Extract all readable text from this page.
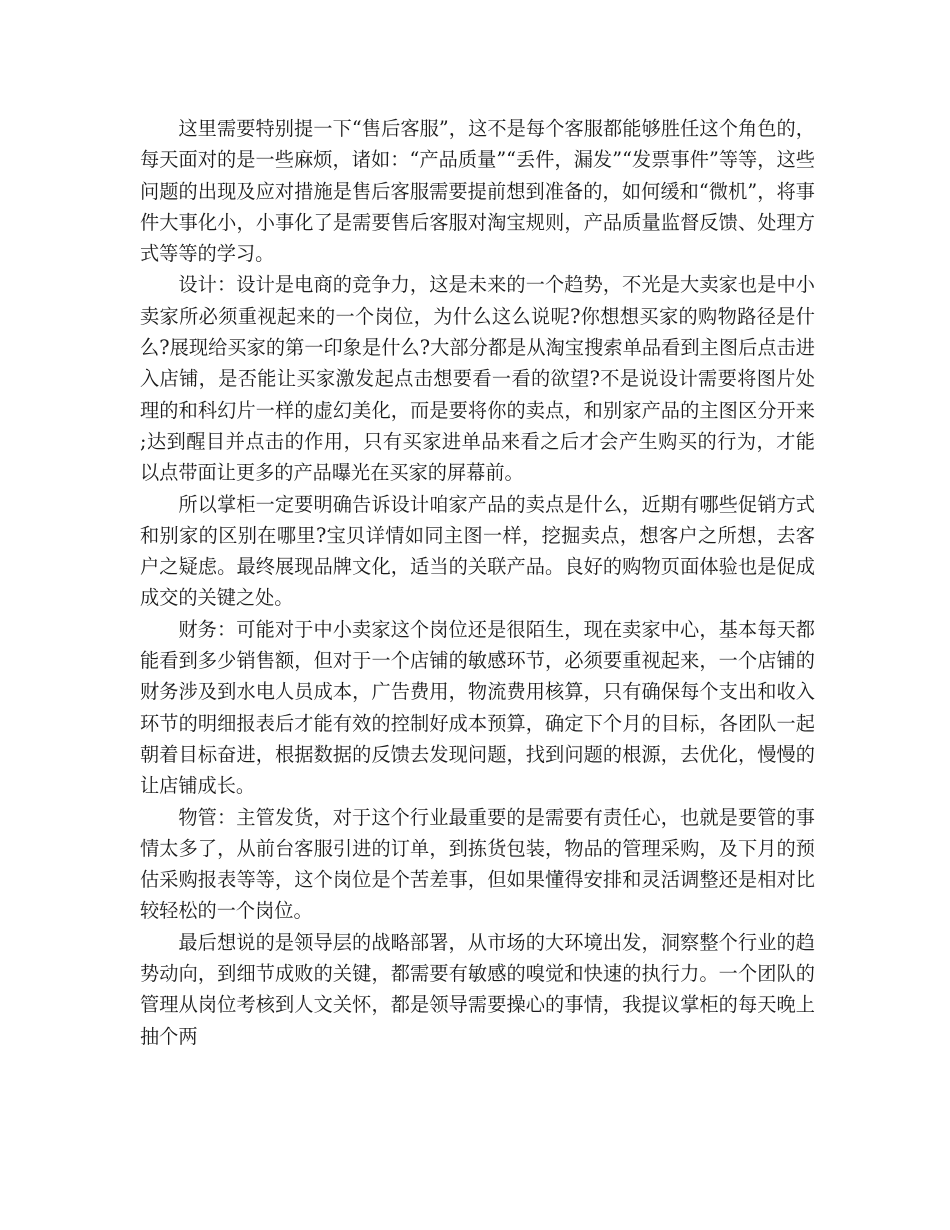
这里需要特别提一下“售后客服”，这不是每个客服都能够胜任这个角色的，每天面对的是一些麻烦，诸如：“产品质量”“丢件，漏发”“发票事件”等等，这些问题的出现及应对措施是售后客服需要提前想到准备的，如何缓和“微机”，将事件大事化小，小事化了是需要售后客服对淘宝规则，产品质量监督反馈、处理方式等等的学习。

设计：设计是电商的竞争力，这是未来的一个趋势，不光是大卖家也是中小卖家所必须重视起来的一个岗位，为什么这么说呢?你想想买家的购物路径是什么?展现给买家的第一印象是什么?大部分都是从淘宝搜索单品看到主图后点击进入店铺，是否能让买家激发起点击想要看一看的欲望?不是说设计需要将图片处理的和科幻片一样的虚幻美化，而是要将你的卖点，和别家产品的主图区分开来;达到醒目并点击的作用，只有买家进单品来看之后才会产生购买的行为，才能以点带面让更多的产品曝光在买家的屏幕前。

所以掌柜一定要明确告诉设计咱家产品的卖点是什么，近期有哪些促销方式和别家的区别在哪里?宝贝详情如同主图一样，挖掘卖点，想客户之所想，去客户之疑虑。最终展现品牌文化，适当的关联产品。良好的购物页面体验也是促成成交的关键之处。

财务：可能对于中小卖家这个岗位还是很陌生，现在卖家中心，基本每天都能看到多少销售额，但对于一个店铺的敏感环节，必须要重视起来，一个店铺的财务涉及到水电人员成本，广告费用，物流费用核算，只有确保每个支出和收入环节的明细报表后才能有效的控制好成本预算，确定下个月的目标，各团队一起朝着目标奋进，根据数据的反馈去发现问题，找到问题的根源，去优化，慢慢的让店铺成长。

物管：主管发货，对于这个行业最重要的是需要有责任心，也就是要管的事情太多了，从前台客服引进的订单，到拣货包装，物品的管理采购，及下月的预估采购报表等等，这个岗位是个苦差事，但如果懂得安排和灵活调整还是相对比较轻松的一个岗位。

最后想说的是领导层的战略部署，从市场的大环境出发，洞察整个行业的趋势动向，到细节成败的关键，都需要有敏感的嗅觉和快速的执行力。一个团队的管理从岗位考核到人文关怀，都是领导需要操心的事情，我提议掌柜的每天晚上抽个两
